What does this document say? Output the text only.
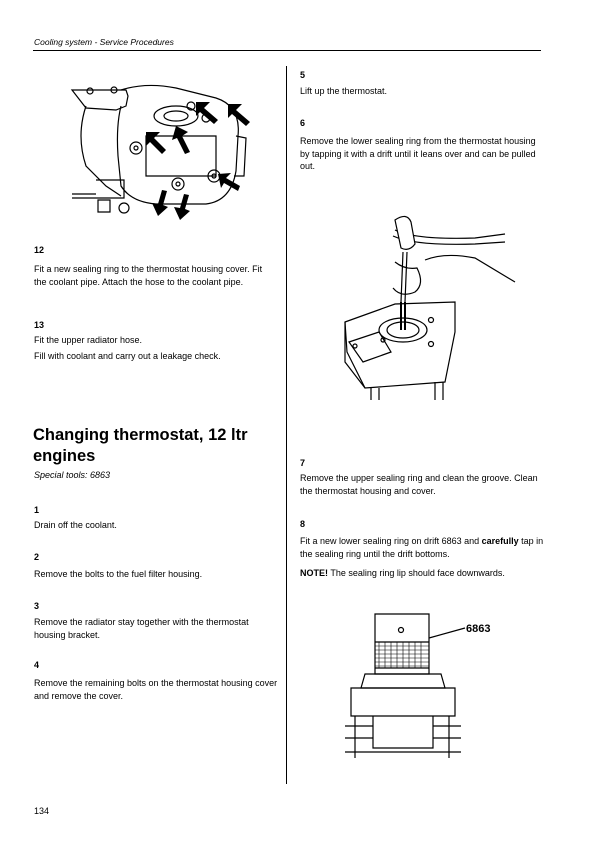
Cooling system - Service Procedures
12
Fit a new sealing ring to the thermostat housing cover. Fit the coolant pipe. Attach the hose to the coolant pipe.
13
Fit the upper radiator hose.
Fill with coolant and carry out a leakage check.
Changing thermostat, 12 ltr
engines
Special tools: 6863
1
Drain off the coolant.
2
Remove the bolts to the fuel filter housing.
3
Remove the radiator stay together with the thermostat housing bracket.
4
Remove the remaining bolts on the thermostat housing cover and remove the cover.
5
Lift up the thermostat.
6
Remove the lower sealing ring from the thermostat housing by tapping it with a drift until it leans over and can be pulled out.
7
Remove the upper sealing ring and clean the groove. Clean the thermostat housing and cover.
8
Fit a new lower sealing ring on drift 6863 and carefully tap in the sealing ring until the drift bottoms.
NOTE! The sealing ring lip should face downwards.
6863
134
